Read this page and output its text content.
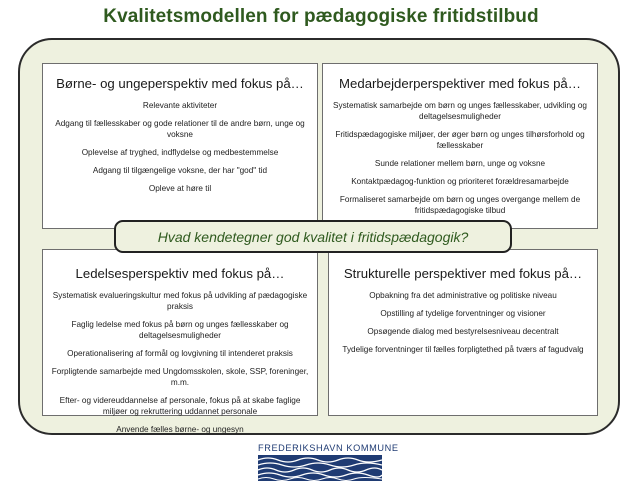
Kvalitetsmodellen for pædagogiske fritidstilbud
Børne- og ungeperspektiv med fokus på…
Relevante aktiviteter
Adgang til fællesskaber og gode relationer til de andre børn, unge og voksne
Oplevelse af tryghed, indflydelse og medbestemmelse
Adgang til tilgængelige voksne, der har "god" tid
Opleve at høre til
Medarbejderperspektiver med fokus på…
Systematisk samarbejde om børn og unges fællesskaber, udvikling og deltagelsesmuligheder
Fritidspædagogiske miljøer, der øger børn og unges tilhørsforhold og fællesskaber
Sunde relationer mellem børn, unge og voksne
Kontaktpædagog-funktion og prioriteret forældresamarbejde
Formaliseret samarbejde om børn og unges overgange mellem de fritidspædagogiske tilbud
Ledelsesperspektiv med fokus på…
Systematisk evalueringskultur med fokus på udvikling af pædagogiske praksis
Faglig ledelse med fokus på børn og unges fællesskaber og deltagelsesmuligheder
Operationalisering af formål og lovgivning til intenderet praksis
Forpligtende samarbejde med Ungdomsskolen, skole, SSP, foreninger, m.m.
Efter- og videreuddannelse af personale, fokus på at skabe faglige miljøer og rekruttering uddannet personale
Anvende fælles børne- og ungesyn
Strukturelle perspektiver med fokus på…
Opbakning fra det administrative og politiske niveau
Opstilling af tydelige forventninger og visioner
Opsøgende dialog med bestyrelsesniveau decentralt
Tydelige forventninger til fælles forpligtethed på tværs af fagudvalg
Hvad kendetegner god kvalitet i fritidspædagogik?
FREDERIKSHAVN KOMMUNE
